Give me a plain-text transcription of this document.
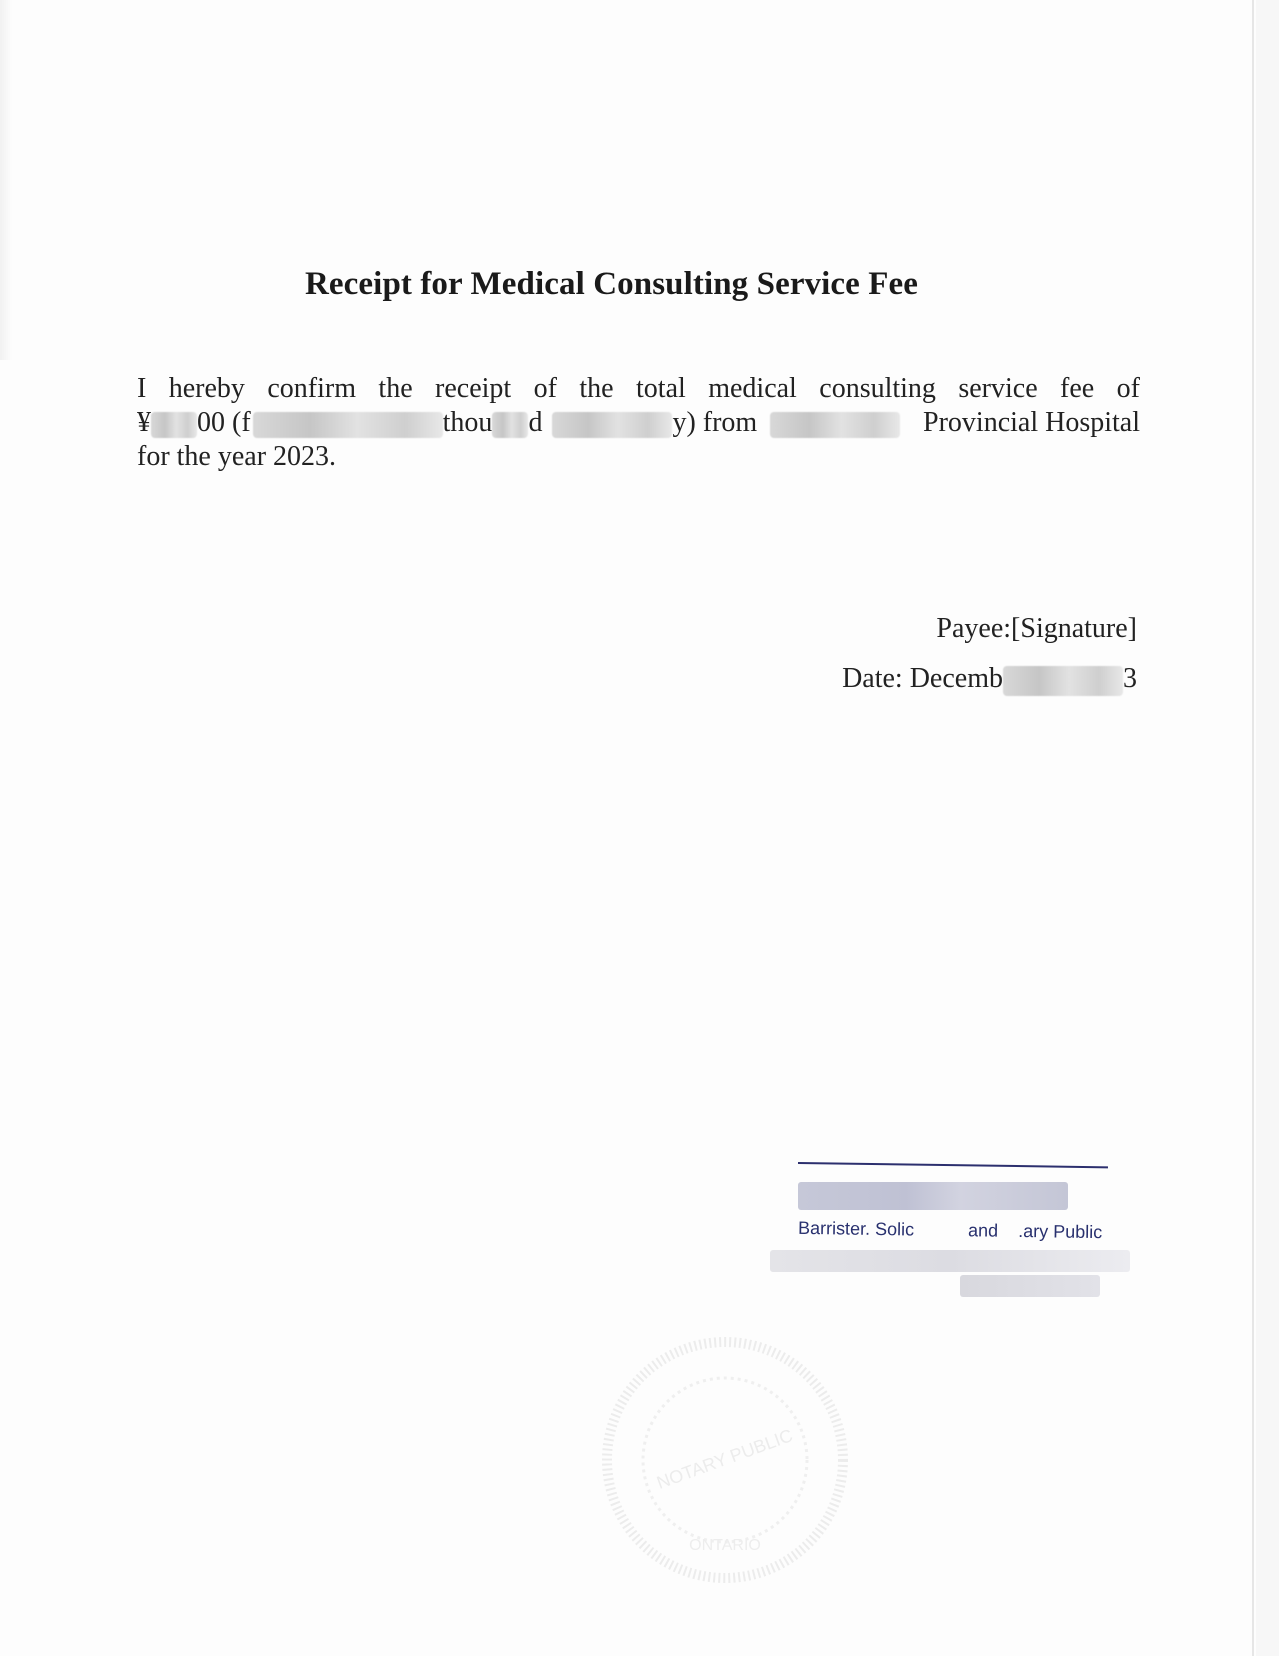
Receipt for Medical Consulting Service Fee
I hereby confirm the receipt of the total medical consulting service fee of
¥ 00 (f	thou d	y) from	Provincial Hospital
for the year 2023.
Payee:[Signature]
Date: Decemb	3
Barrister. Solic	and .ary Public
NOTARY PUBLIC
ONTARIO
